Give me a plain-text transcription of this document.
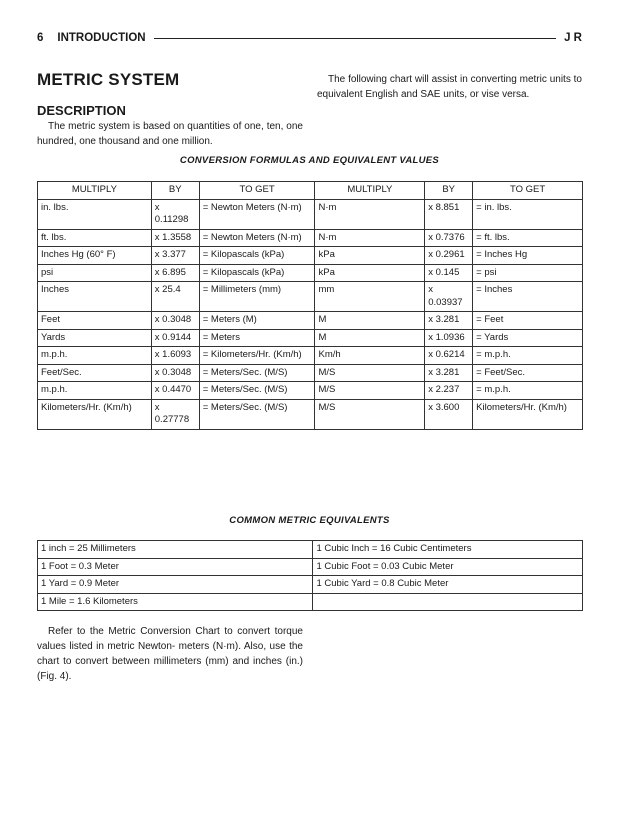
6 INTRODUCTION	J R
METRIC SYSTEM
DESCRIPTION

The metric system is based on quantities of one, ten, one hundred, one thousand and one million.

The following chart will assist in converting metric units to equivalent English and SAE units, or vise versa.

CONVERSION FORMULAS AND EQUIVALENT VALUES
MULTIPLY	BY	TO GET	MULTIPLY	BY	TO GET
in. lbs.	x 0.11298	= Newton Meters (N·m)	N·m	x 8.851	= in. lbs.
ft. lbs.	x 1.3558	= Newton Meters (N·m)	N·m	x 0.7376	= ft. lbs.
Inches Hg (60° F)	x 3.377	= Kilopascals (kPa)	kPa	x 0.2961	= Inches Hg
psi	x 6.895	= Kilopascals (kPa)	kPa	x 0.145	= psi
Inches	x 25.4	= Millimeters (mm)	mm	x 0.03937	= Inches
Feet	x 0.3048	= Meters (M)	M	x 3.281	= Feet
Yards	x 0.9144	= Meters	M	x 1.0936	= Yards
m.p.h.	x 1.6093	= Kilometers/Hr. (Km/h)	Km/h	x 0.6214	= m.p.h.
Feet/Sec.	x 0.3048	= Meters/Sec. (M/S)	M/S	x 3.281	= Feet/Sec.
m.p.h.	x 0.4470	= Meters/Sec. (M/S)	M/S	x 2.237	= m.p.h.
Kilometers/Hr. (Km/h)	x 0.27778	= Meters/Sec. (M/S)	M/S	x 3.600	Kilometers/Hr. (Km/h)
COMMON METRIC EQUIVALENTS
1 inch = 25 Millimeters	1 Cubic Inch = 16 Cubic Centimeters
1 Foot = 0.3 Meter	1 Cubic Foot = 0.03 Cubic Meter
1 Yard = 0.9 Meter	1 Cubic Yard = 0.8 Cubic Meter
1 Mile = 1.6 Kilometers	

Refer to the Metric Conversion Chart to convert torque values listed in metric Newton- meters (N·m). Also, use the chart to convert between millimeters (mm) and inches (in.) (Fig. 4).
